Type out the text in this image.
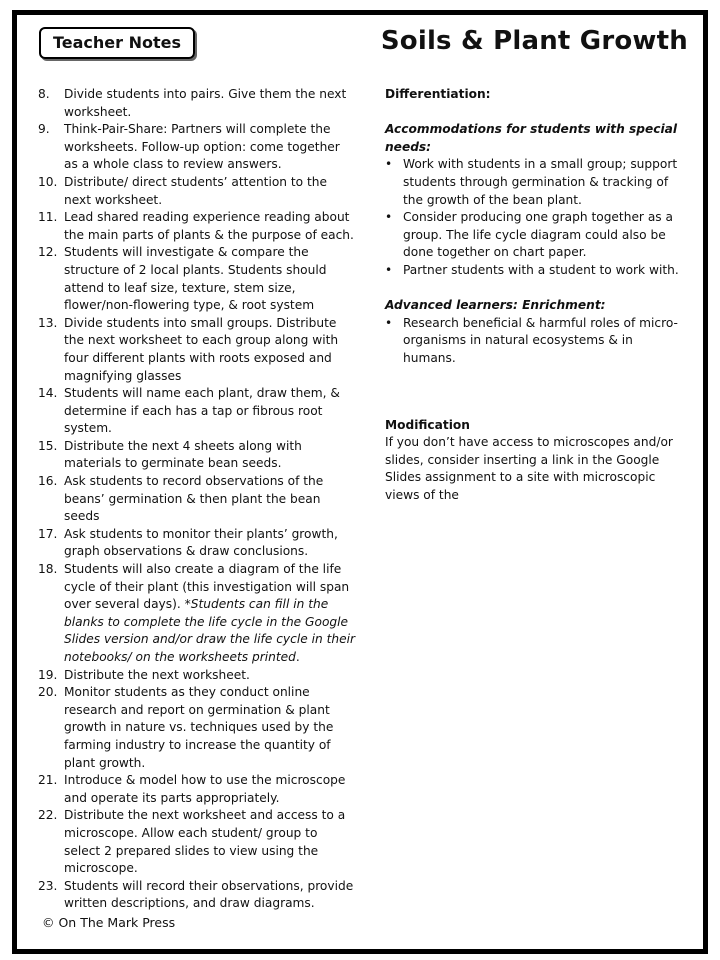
Teacher Notes	Soils & Plant Growth
8.	Divide students into pairs. Give them the next worksheet.
9.	Think-Pair-Share: Partners will complete the worksheets. Follow-up option: come together as a whole class to review answers.
10. Distribute/ direct students’ attention to the next worksheet.
11. Lead shared reading experience reading about the main parts of plants & the purpose of each.
12. Students will investigate & compare the structure of 2 local plants. Students should attend to leaf size, texture, stem size, flower/non-flowering type, & root system
13. Divide students into small groups. Distribute the next worksheet to each group along with four different plants with roots exposed and magnifying glasses
14. Students will name each plant, draw them, & determine if each has a tap or fibrous root system.
15. Distribute the next 4 sheets along with materials to germinate bean seeds.
16. Ask students to record observations of the beans’ germination & then plant the bean seeds
17. Ask students to monitor their plants’ growth, graph observations & draw conclusions.
18. Students will also create a diagram of the life cycle of their plant (this investigation will span over several days). *Students can fill in the blanks to complete the life cycle in the Google Slides version and/or draw the life cycle in their notebooks/ on the worksheets printed.
19. Distribute the next worksheet.
20. Monitor students as they conduct online research and report on germination & plant growth in nature vs. techniques used by the farming industry to increase the quantity of plant growth.
21. Introduce & model how to use the microscope and operate its parts appropriately.
22. Distribute the next worksheet and access to a microscope. Allow each student/ group to select 2 prepared slides to view using the microscope.
23. Students will record their observations, provide written descriptions, and draw diagrams.
Differentiation:
Accommodations for students with special needs:
• Work with students in a small group; support students through germination & tracking of the growth of the bean plant.
• Consider producing one graph together as a group. The life cycle diagram could also be done together on chart paper.
• Partner students with a student to work with.
Advanced learners: Enrichment:
• Research beneficial & harmful roles of micro-organisms in natural ecosystems & in humans.
Modification
If you don’t have access to microscopes and/or slides, consider inserting a link in the Google Slides assignment to a site with microscopic views of the
© On The Mark Press
